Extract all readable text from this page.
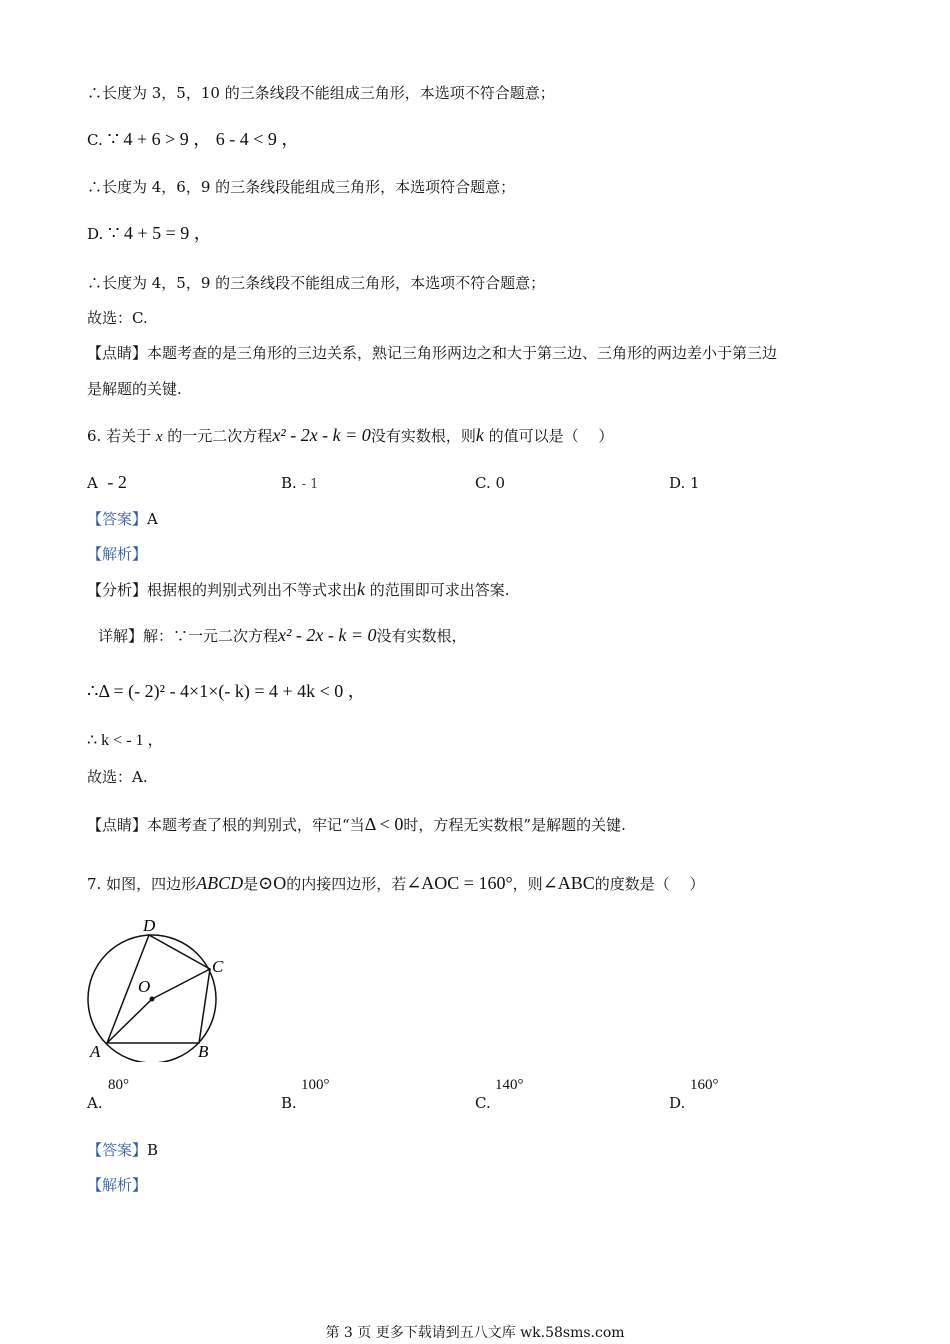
∴长度为 3，5，10 的三条线段不能组成三角形，本选项不符合题意；
C. ∵ 4 + 6 > 9 ， 6 - 4 < 9 ，
∴长度为 4，6，9 的三条线段能组成三角形，本选项符合题意；
D. ∵ 4 + 5 = 9 ，
∴长度为 4，5，9 的三条线段不能组成三角形，本选项不符合题意；
故选：C.
【点睛】本题考查的是三角形的三边关系，熟记三角形两边之和大于第三边、三角形的两边差小于第三边
是解题的关键.
6. 若关于 x 的一元二次方程x² - 2x - k = 0没有实数根，则k 的值可以是（　 ）
A - 2	B. - 1	C. 0	D. 1
【答案】A
【解析】
【分析】根据根的判别式列出不等式求出k 的范围即可求出答案.
详解】解：∵一元二次方程x² - 2x - k = 0没有实数根，
∴Δ = (- 2)² - 4×1×(- k) = 4 + 4k < 0 ，
∴ k < - 1 ，
故选：A.
【点睛】本题考查了根的判别式，牢记“当Δ < 0时，方程无实数根”是解题的关键.
7. 如图，四边形ABCD是⊙O的内接四边形，若∠AOC = 160°，则∠ABC的度数是（　 ）
D
C
O
A	B
A.
80°
B.
100°
C.
140°
D.
160°
【答案】B
【解析】
第 3 页 更多下载请到五八文库 wk.58sms.com
